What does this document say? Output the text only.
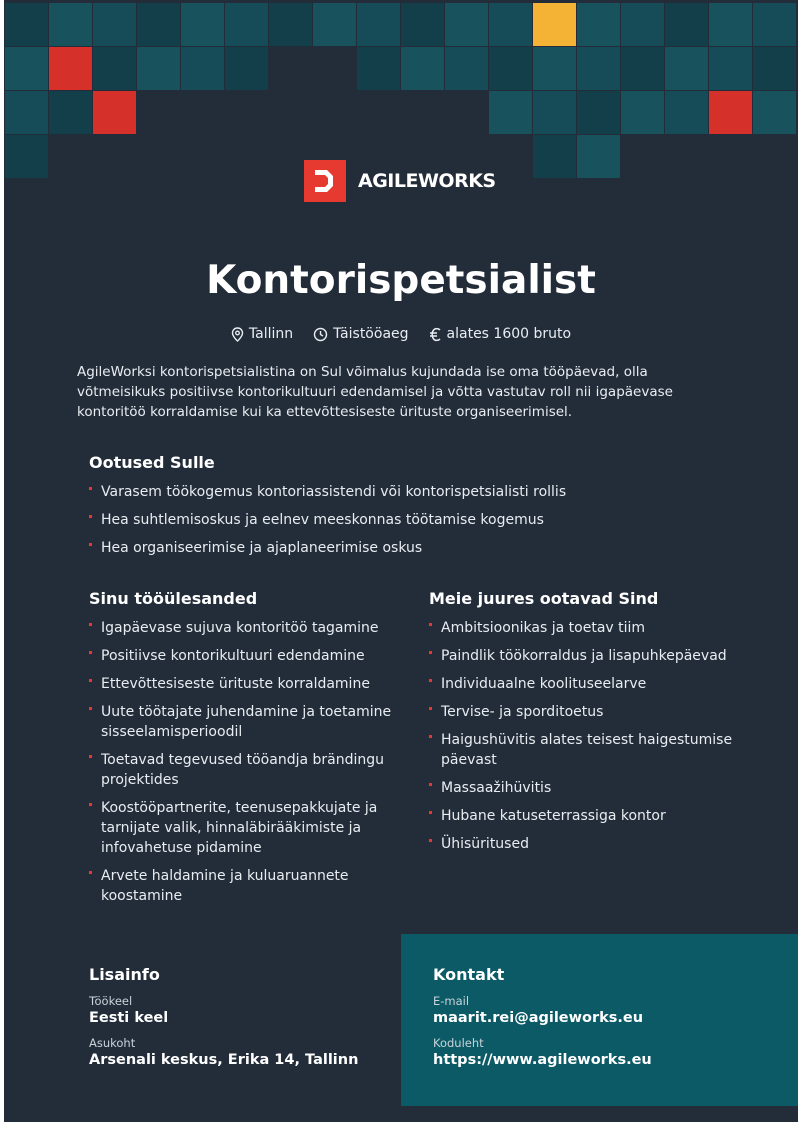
AGILEWORKS
Kontorispetsialist
Tallinn	Täistööaeg	alates 1600 bruto

AgileWorksi kontorispetsialistina on Sul võimalus kujundada ise oma tööpäevad, olla võtmeisikuks positiivse kontorikultuuri edendamisel ja võtta vastutav roll nii igapäevase kontoritöö korraldamise kui ka ettevõttesiseste ürituste organiseerimisel.

Ootused Sulle
Varasem töökogemus kontoriassistendi või kontorispetsialisti rollis
Hea suhtlemisoskus ja eelnev meeskonnas töötamise kogemus
Hea organiseerimise ja ajaplaneerimise oskus
Sinu tööülesanded
Igapäevase sujuva kontoritöö tagamine
Positiivse kontorikultuuri edendamine
Ettevõttesiseste ürituste korraldamine
Uute töötajate juhendamine ja toetamine sisseelamisperioodil
Toetavad tegevused tööandja brändingu projektides
Koostööpartnerite, teenusepakkujate ja tarnijate valik, hinnaläbirääkimiste ja infovahetuse pidamine
Arvete haldamine ja kuluaruannete koostamine
Meie juures ootavad Sind
Ambitsioonikas ja toetav tiim
Paindlik töökorraldus ja lisapuhkepäevad
Individuaalne koolituseelarve
Tervise- ja sporditoetus
Haigushüvitis alates teisest haigestumise päevast
Massaažihüvitis
Hubane katuseterrassiga kontor
Ühisüritused
Lisainfo
Töökeel
Eesti keel
Asukoht
Arsenali keskus, Erika 14, Tallinn
Kontakt
E-mail
maarit.rei@agileworks.eu
Koduleht
https://www.agileworks.eu
